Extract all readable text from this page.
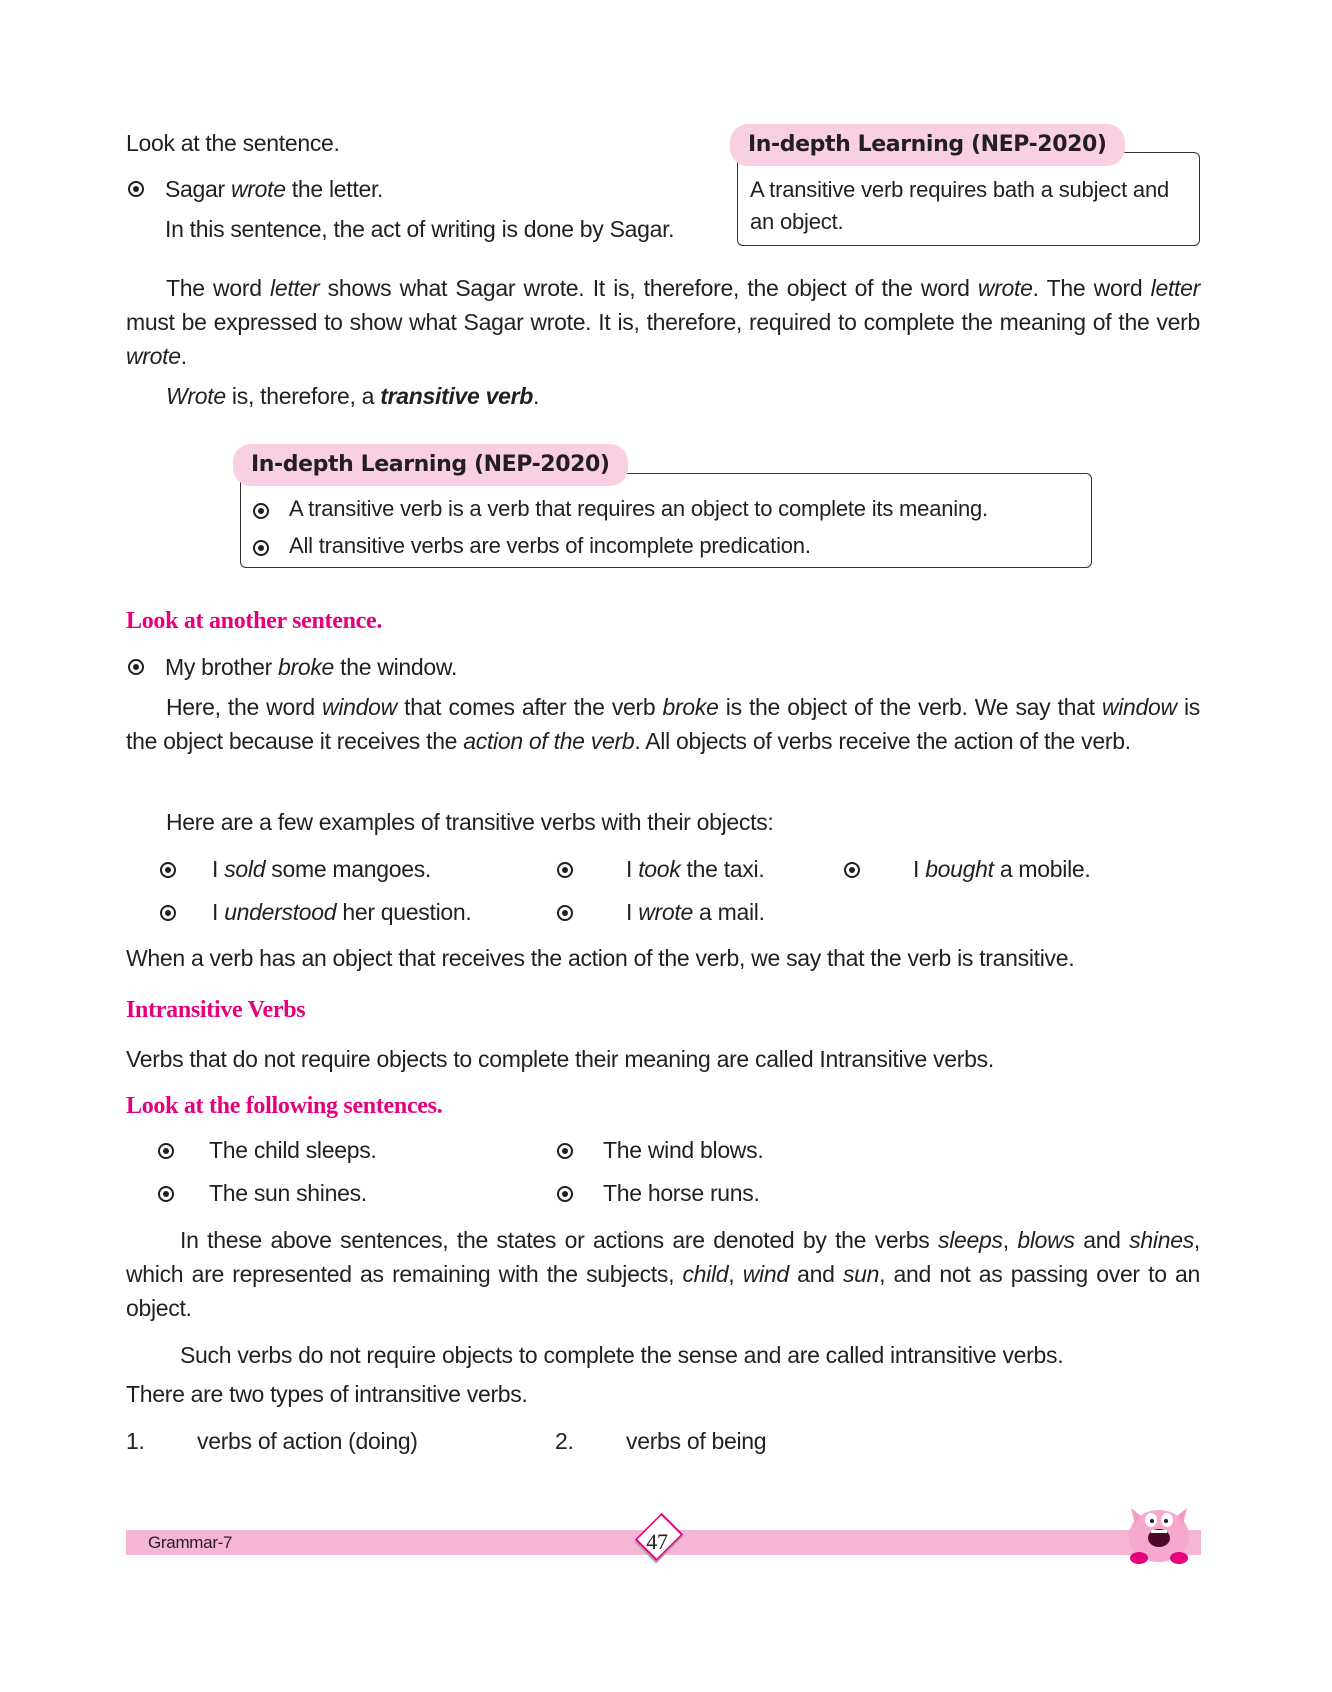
Look at the sentence.
Sagar wrote the letter.
In this sentence, the act of writing is done by Sagar.
In-depth Learning (NEP-2020)
A transitive verb requires bath a subject and an object.
The word letter shows what Sagar wrote. It is, therefore, the object of the word wrote. The word letter must be expressed to show what Sagar wrote. It is, therefore, required to complete the meaning of the verb wrote.
Wrote is, therefore, a transitive verb.
In-depth Learning (NEP-2020)
A transitive verb is a verb that requires an object to complete its meaning.
All transitive verbs are verbs of incomplete predication.
Look at another sentence.
My brother broke the window.
Here, the word window that comes after the verb broke is the object of the verb. We say that window is the object because it receives the action of the verb. All objects of verbs receive the action of the verb.
Here are a few examples of transitive verbs with their objects:
I sold some mangoes.	I took the taxi.	I bought a mobile.
I understood her question.	I wrote a mail.
When a verb has an object that receives the action of the verb, we say that the verb is transitive.
Intransitive Verbs
Verbs that do not require objects to complete their meaning are called Intransitive verbs.
Look at the following sentences.
The child sleeps.	The wind blows.
The sun shines.	The horse runs.
In these above sentences, the states or actions are denoted by the verbs sleeps, blows and shines, which are represented as remaining with the subjects, child, wind and sun, and not as passing over to an object.
Such verbs do not require objects to complete the sense and are called intransitive verbs.
There are two types of intransitive verbs.
1. verbs of action (doing)	2. verbs of being
Grammar-7	47
